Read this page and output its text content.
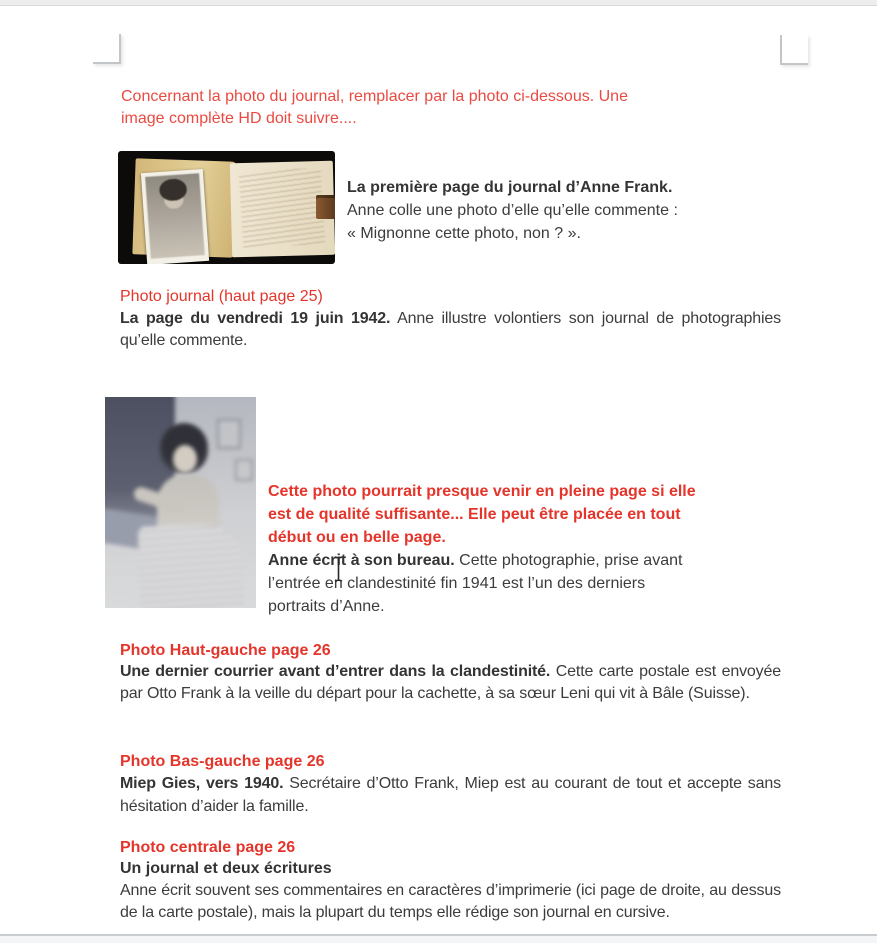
Concernant la photo du journal, remplacer par la photo ci-dessous. Une
image complète HD doit suivre....
La première page du journal d’Anne Frank.
Anne colle une photo d’elle qu’elle commente :
« Mignonne cette photo, non ? ».
Photo journal (haut page 25)
La page du vendredi 19 juin 1942. Anne illustre volontiers son journal de photographies qu’elle commente.
Cette photo pourrait presque venir en pleine page si elle
est de qualité suffisante... Elle peut être placée en tout
début ou en belle page.
Anne écrit à son bureau. Cette photographie, prise avant
l’entrée en clandestinité fin 1941 est l’un des derniers
portraits d’Anne.
Photo Haut-gauche page 26
Une dernier courrier avant d’entrer dans la clandestinité. Cette carte postale est envoyée par Otto Frank à la veille du départ pour la cachette, à sa sœur Leni qui vit à Bâle (Suisse).
Photo Bas-gauche page 26
Miep Gies, vers 1940. Secrétaire d’Otto Frank, Miep est au courant de tout et accepte sans hésitation d’aider la famille.
Photo centrale page 26
Un journal et deux écritures
Anne écrit souvent ses commentaires en caractères d’imprimerie (ici page de droite, au dessus de la carte postale), mais la plupart du temps elle rédige son journal en cursive.
